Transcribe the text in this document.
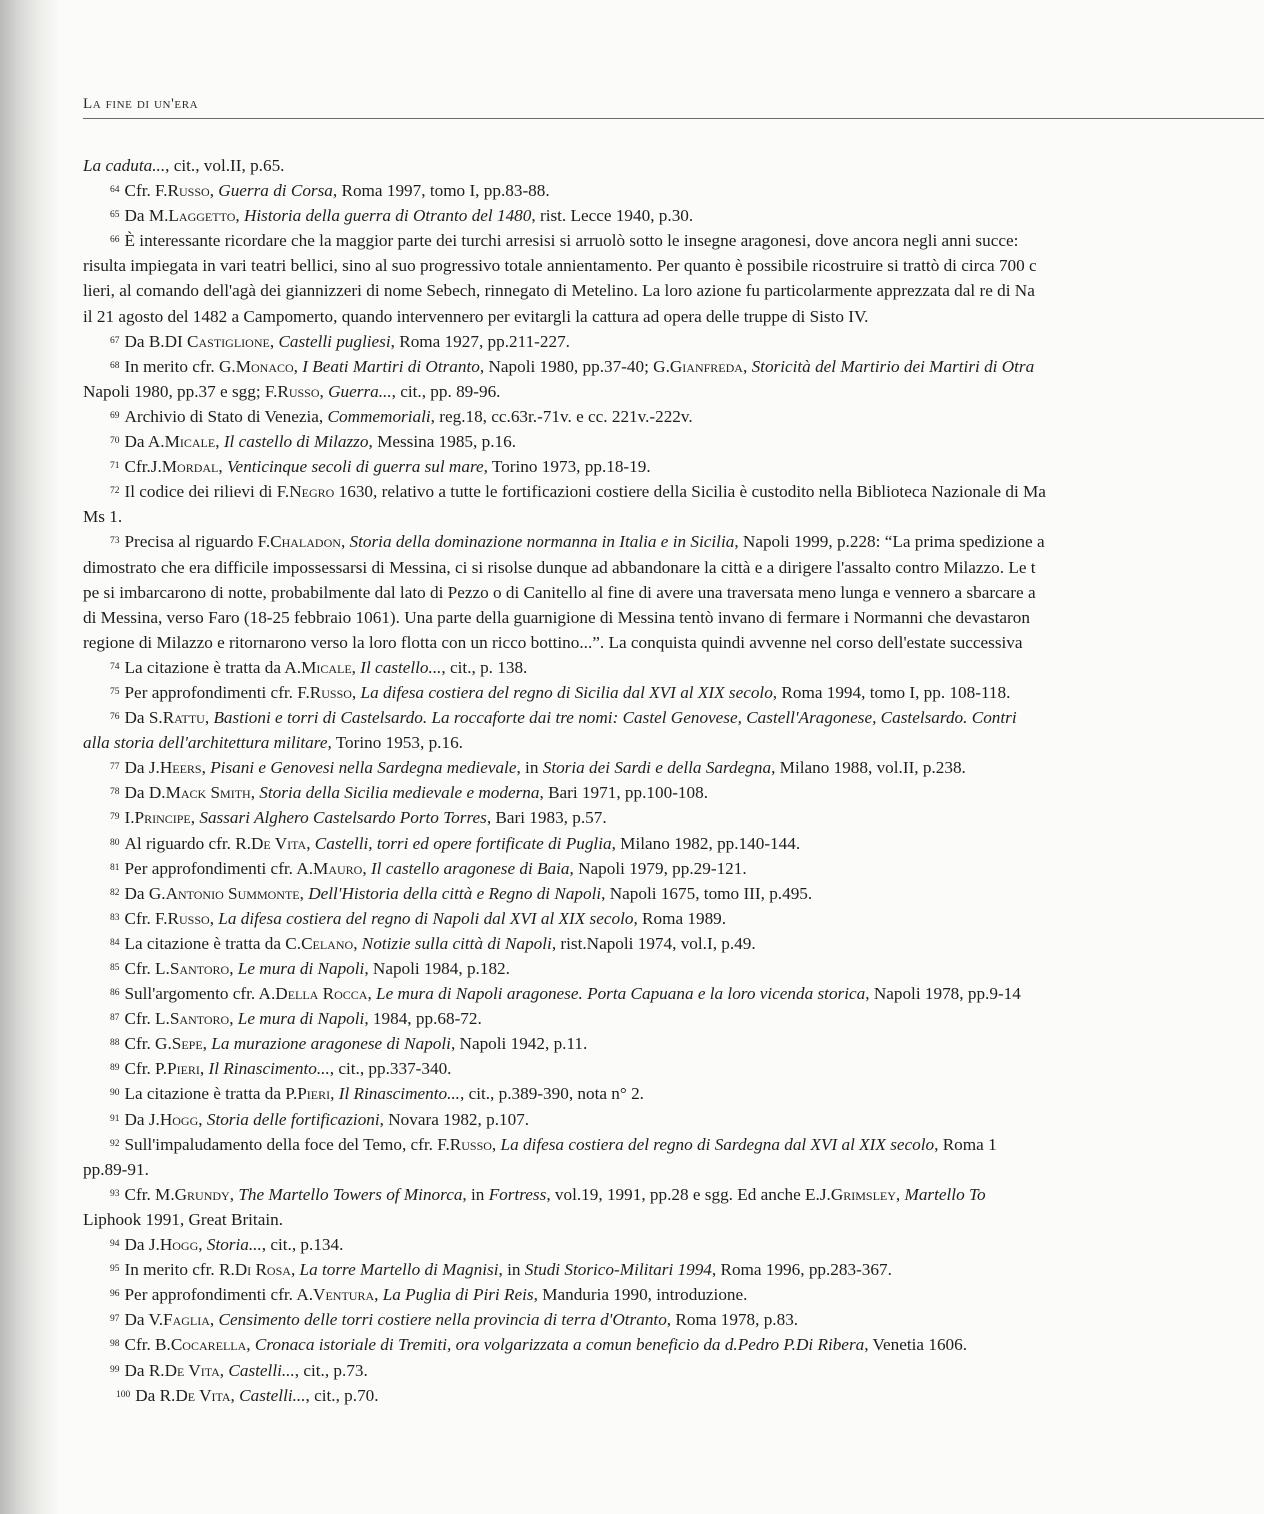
La fine di un'era
La caduta..., cit., vol.II, p.65.
$^{64}$ Cfr. F.Russo, Guerra di Corsa, Roma 1997, tomo I, pp.83-88.
$^{65}$ Da M.Laggetto, Historia della guerra di Otranto del 1480, rist. Lecce 1940, p.30.
$^{66}$ È interessante ricordare che la maggior parte dei turchi arresisi si arruolò sotto le insegne aragonesi, dove ancora negli anni succe:
risulta impiegata in vari teatri bellici, sino al suo progressivo totale annientamento. Per quanto è possibile ricostruire si trattò di circa 700 c
lieri, al comando dell'agà dei giannizzeri di nome Sebech, rinnegato di Metelino. La loro azione fu particolarmente apprezzata dal re di Na
il 21 agosto del 1482 a Campomerto, quando intervennero per evitargli la cattura ad opera delle truppe di Sisto IV.
$^{67}$ Da B.DI Castiglione, Castelli pugliesi, Roma 1927, pp.211-227.
$^{68}$ In merito cfr. G.Monaco, I Beati Martiri di Otranto, Napoli 1980, pp.37-40; G.Gianfreda, Storicità del Martirio dei Martiri di Otra
Napoli 1980, pp.37 e sgg; F.Russo, Guerra..., cit., pp. 89-96.
$^{69}$ Archivio di Stato di Venezia, Commemoriali, reg.18, cc.63r.-71v. e cc. 221v.-222v.
$^{70}$ Da A.Micale, Il castello di Milazzo, Messina 1985, p.16.
$^{71}$ Cfr.J.Mordal, Venticinque secoli di guerra sul mare, Torino 1973, pp.18-19.
$^{72}$ Il codice dei rilievi di F.Negro 1630, relativo a tutte le fortificazioni costiere della Sicilia è custodito nella Biblioteca Nazionale di Ma
Ms 1.
$^{73}$ Precisa al riguardo F.Chaladon, Storia della dominazione normanna in Italia e in Sicilia, Napoli 1999, p.228: “La prima spedizione a
dimostrato che era difficile impossessarsi di Messina, ci si risolse dunque ad abbandonare la città e a dirigere l'assalto contro Milazzo. Le t
pe si imbarcarono di notte, probabilmente dal lato di Pezzo o di Canitello al fine di avere una traversata meno lunga e vennero a sbarcare a
di Messina, verso Faro (18-25 febbraio 1061). Una parte della guarnigione di Messina tentò invano di fermare i Normanni che devastaron
regione di Milazzo e ritornarono verso la loro flotta con un ricco bottino...”. La conquista quindi avvenne nel corso dell'estate successiva
$^{74}$ La citazione è tratta da A.Micale, Il castello..., cit., p. 138.
$^{75}$ Per approfondimenti cfr. F.Russo, La difesa costiera del regno di Sicilia dal XVI al XIX secolo, Roma 1994, tomo I, pp. 108-118.
$^{76}$ Da S.Rattu, Bastioni e torri di Castelsardo. La roccaforte dai tre nomi: Castel Genovese, Castell'Aragonese, Castelsardo. Contri
alla storia dell'architettura militare, Torino 1953, p.16.
$^{77}$ Da J.Heers, Pisani e Genovesi nella Sardegna medievale, in Storia dei Sardi e della Sardegna, Milano 1988, vol.II, p.238.
$^{78}$ Da D.Mack Smith, Storia della Sicilia medievale e moderna, Bari 1971, pp.100-108.
$^{79}$ I.Principe, Sassari Alghero Castelsardo Porto Torres, Bari 1983, p.57.
$^{80}$ Al riguardo cfr. R.De Vita, Castelli, torri ed opere fortificate di Puglia, Milano 1982, pp.140-144.
$^{81}$ Per approfondimenti cfr. A.Mauro, Il castello aragonese di Baia, Napoli 1979, pp.29-121.
$^{82}$ Da G.Antonio Summonte, Dell'Historia della città e Regno di Napoli, Napoli 1675, tomo III, p.495.
$^{83}$ Cfr. F.Russo, La difesa costiera del regno di Napoli dal XVI al XIX secolo, Roma 1989.
$^{84}$ La citazione è tratta da C.Celano, Notizie sulla città di Napoli, rist.Napoli 1974, vol.I, p.49.
$^{85}$ Cfr. L.Santoro, Le mura di Napoli, Napoli 1984, p.182.
$^{86}$ Sull'argomento cfr. A.Della Rocca, Le mura di Napoli aragonese. Porta Capuana e la loro vicenda storica, Napoli 1978, pp.9-14
$^{87}$ Cfr. L.Santoro, Le mura di Napoli, 1984, pp.68-72.
$^{88}$ Cfr. G.Sepe, La murazione aragonese di Napoli, Napoli 1942, p.11.
$^{89}$ Cfr. P.Pieri, Il Rinascimento..., cit., pp.337-340.
$^{90}$ La citazione è tratta da P.Pieri, Il Rinascimento..., cit., p.389-390, nota n° 2.
$^{91}$ Da J.Hogg, Storia delle fortificazioni, Novara 1982, p.107.
$^{92}$ Sull'impaludamento della foce del Temo, cfr. F.Russo, La difesa costiera del regno di Sardegna dal XVI al XIX secolo, Roma 1
pp.89-91.
$^{93}$ Cfr. M.Grundy, The Martello Towers of Minorca, in Fortress, vol.19, 1991, pp.28 e sgg. Ed anche E.J.Grimsley, Martello To
Liphook 1991, Great Britain.
$^{94}$ Da J.Hogg, Storia..., cit., p.134.
$^{95}$ In merito cfr. R.Di Rosa, La torre Martello di Magnisi, in Studi Storico-Militari 1994, Roma 1996, pp.283-367.
$^{96}$ Per approfondimenti cfr. A.Ventura, La Puglia di Piri Reis, Manduria 1990, introduzione.
$^{97}$ Da V.Faglia, Censimento delle torri costiere nella provincia di terra d'Otranto, Roma 1978, p.83.
$^{98}$ Cfr. B.Cocarella, Cronaca istoriale di Tremiti, ora volgarizzata a comun beneficio da d.Pedro P.Di Ribera, Venetia 1606.
$^{99}$ Da R.De Vita, Castelli..., cit., p.73.
$^{100}$ Da R.De Vita, Castelli..., cit., p.70.
